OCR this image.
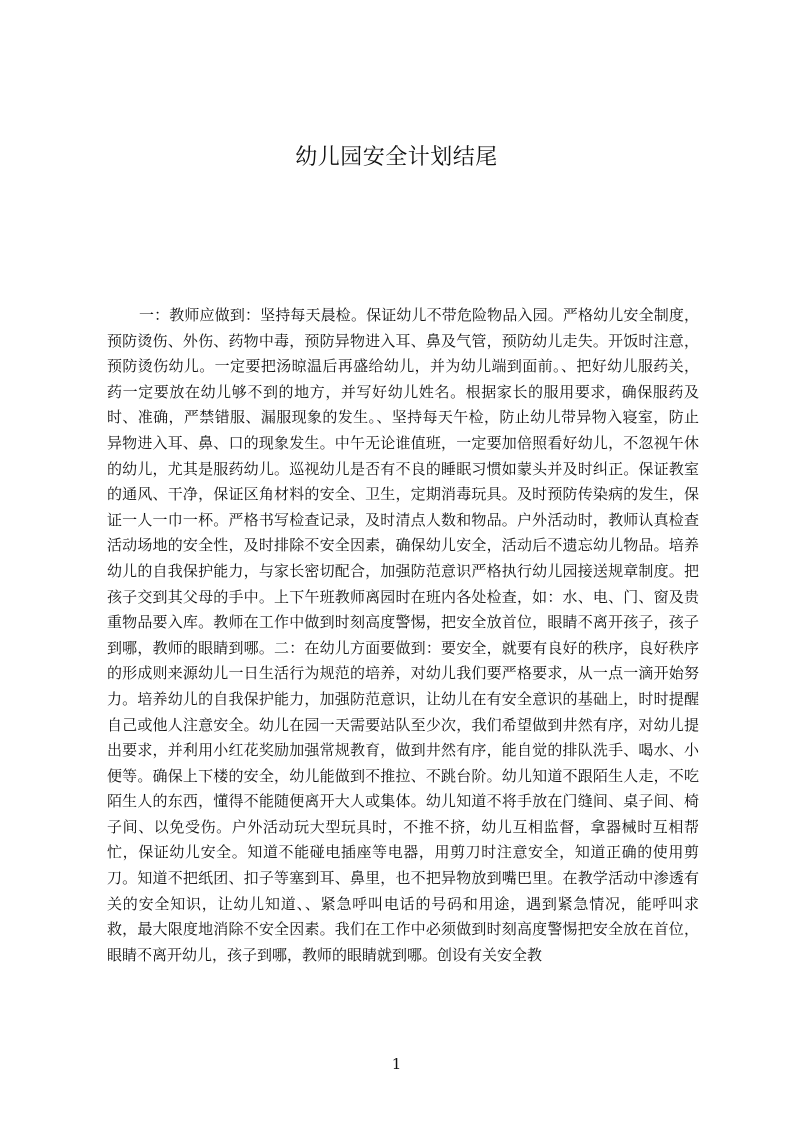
幼儿园安全计划结尾

一：教师应做到：坚持每天晨检。保证幼儿不带危险物品入园。严格幼儿安全制度，预防烫伤、外伤、药物中毒，预防异物进入耳、鼻及气管，预防幼儿走失。开饭时注意，预防烫伤幼儿。一定要把汤晾温后再盛给幼儿，并为幼儿端到面前。、把好幼儿服药关，药一定要放在幼儿够不到的地方，并写好幼儿姓名。根据家长的服用要求，确保服药及时、准确，严禁错服、漏服现象的发生。、坚持每天午检，防止幼儿带异物入寝室，防止异物进入耳、鼻、口的现象发生。中午无论谁值班，一定要加倍照看好幼儿，不忽视午休的幼儿，尤其是服药幼儿。巡视幼儿是否有不良的睡眠习惯如蒙头并及时纠正。保证教室的通风、干净，保证区角材料的安全、卫生，定期消毒玩具。及时预防传染病的发生，保证一人一巾一杯。严格书写检查记录，及时清点人数和物品。户外活动时，教师认真检查活动场地的安全性，及时排除不安全因素，确保幼儿安全，活动后不遗忘幼儿物品。培养幼儿的自我保护能力，与家长密切配合，加强防范意识严格执行幼儿园接送规章制度。把孩子交到其父母的手中。上下午班教师离园时在班内各处检查，如：水、电、门、窗及贵重物品要入库。教师在工作中做到时刻高度警惕，把安全放首位，眼睛不离开孩子，孩子到哪，教师的眼睛到哪。二：在幼儿方面要做到：要安全，就要有良好的秩序，良好秩序的形成则来源幼儿一日生活行为规范的培养，对幼儿我们要严格要求，从一点一滴开始努力。培养幼儿的自我保护能力，加强防范意识，让幼儿在有安全意识的基础上，时时提醒自己或他人注意安全。幼儿在园一天需要站队至少次，我们希望做到井然有序，对幼儿提出要求，并利用小红花奖励加强常规教育，做到井然有序，能自觉的排队洗手、喝水、小便等。确保上下楼的安全，幼儿能做到不推拉、不跳台阶。幼儿知道不跟陌生人走，不吃陌生人的东西，懂得不能随便离开大人或集体。幼儿知道不将手放在门缝间、桌子间、椅子间、以免受伤。户外活动玩大型玩具时，不推不挤，幼儿互相监督，拿器械时互相帮忙，保证幼儿安全。知道不能碰电插座等电器，用剪刀时注意安全，知道正确的使用剪刀。知道不把纸团、扣子等塞到耳、鼻里，也不把异物放到嘴巴里。在教学活动中渗透有关的安全知识，让幼儿知道、、紧急呼叫电话的号码和用途，遇到紧急情况，能呼叫求救，最大限度地消除不安全因素。我们在工作中必须做到时刻高度警惕把安全放在首位，眼睛不离开幼儿，孩子到哪，教师的眼睛就到哪。创设有关安全教

1
